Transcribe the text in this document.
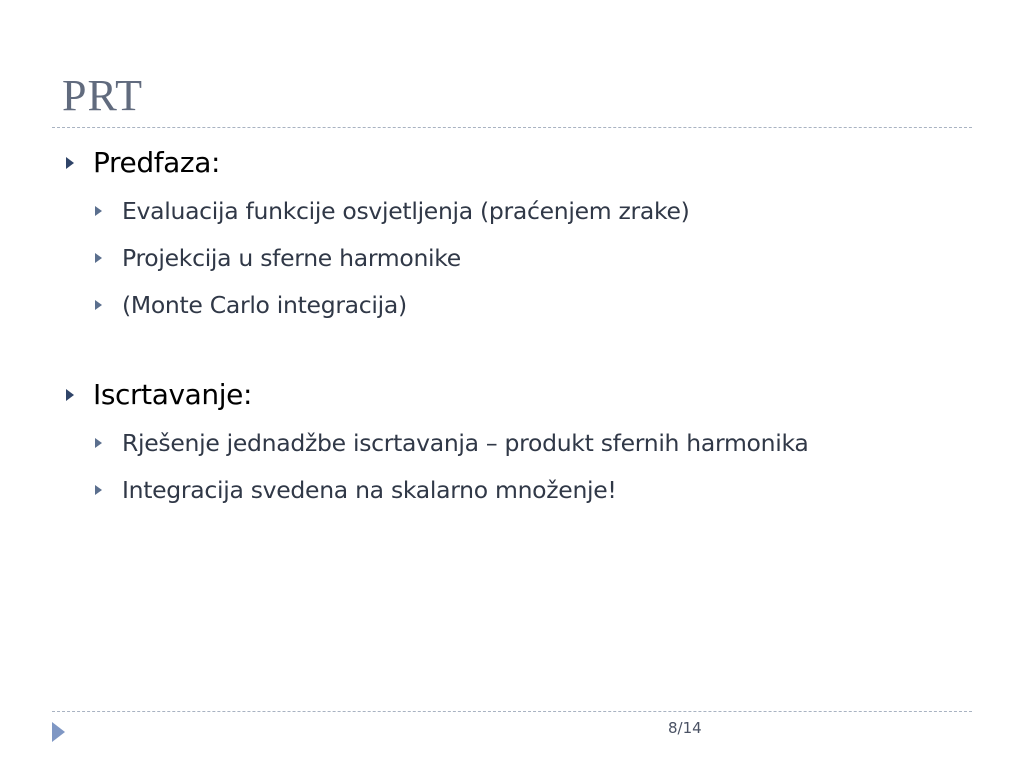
PRT
Predfaza:
Evaluacija funkcije osvjetljenja (praćenjem zrake)
Projekcija u sferne harmonike
(Monte Carlo integracija)
Iscrtavanje:
Rješenje jednadžbe iscrtavanja – produkt sfernih harmonika
Integracija svedena na skalarno množenje!
8/14
